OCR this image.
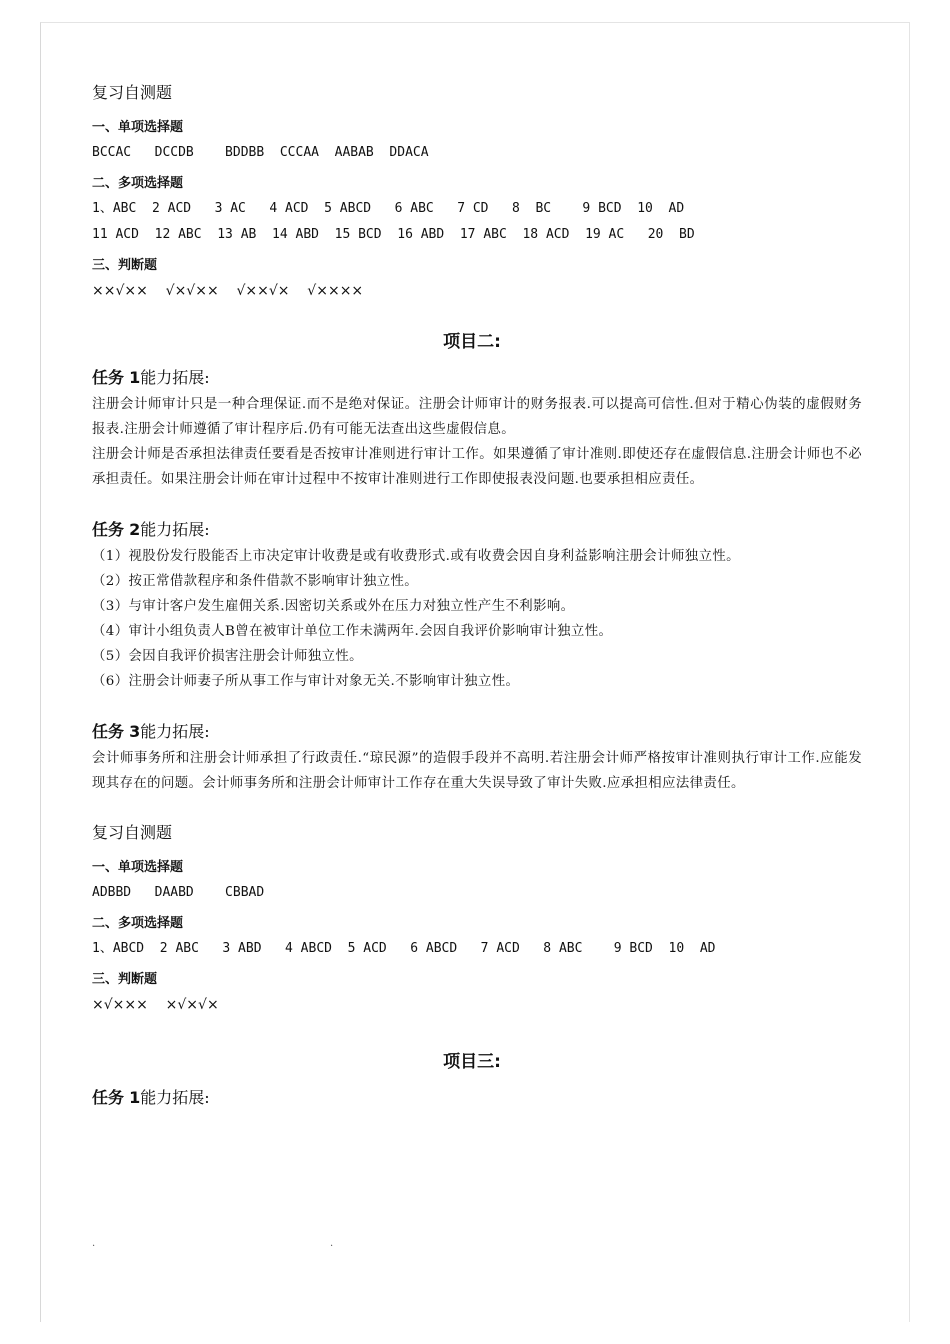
复习自测题

一、单项选择题

BCCAC   DCCDB    BDDBB  CCCAA  AABAB  DDACA

二、多项选择题

1、ABC  2 ACD   3 AC   4 ACD  5 ABCD   6 ABC   7 CD   8  BC    9 BCD  10  AD

11 ACD  12 ABC  13 AB  14 ABD  15 BCD  16 ABD  17 ABC  18 ACD  19 AC   20  BD

三、判断题

××√××    √×√××    √××√×    √××××

项目二:

任务 1能力拓展:

注册会计师审计只是一种合理保证.而不是绝对保证。注册会计师审计的财务报表.可以提高可信性.但对于精心伪装的虚假财务报表.注册会计师遵循了审计程序后.仍有可能无法查出这些虚假信息。

注册会计师是否承担法律责任要看是否按审计准则进行审计工作。如果遵循了审计准则.即使还存在虚假信息.注册会计师也不必承担责任。如果注册会计师在审计过程中不按审计准则进行工作即使报表没问题.也要承担相应责任。

任务 2能力拓展:

（1）视股份发行股能否上市决定审计收费是或有收费形式.或有收费会因自身利益影响注册会计师独立性。

（2）按正常借款程序和条件借款不影响审计独立性。

（3）与审计客户发生雇佣关系.因密切关系或外在压力对独立性产生不利影响。

（4）审计小组负责人B曾在被审计单位工作未满两年.会因自我评价影响审计独立性。

（5）会因自我评价损害注册会计师独立性。

（6）注册会计师妻子所从事工作与审计对象无关.不影响审计独立性。

任务 3能力拓展:

会计师事务所和注册会计师承担了行政责任.“琼民源”的造假手段并不高明.若注册会计师严格按审计准则执行审计工作.应能发现其存在的问题。会计师事务所和注册会计师审计工作存在重大失误导致了审计失败.应承担相应法律责任。

复习自测题

一、单项选择题

ADBBD   DAABD    CBBAD

二、多项选择题

1、ABCD  2 ABC   3 ABD   4 ABCD  5 ACD   6 ABCD   7 ACD   8 ABC    9 BCD  10  AD

三、判断题

×√×××    ×√×√×

项目三:

任务 1能力拓展:

.	.
